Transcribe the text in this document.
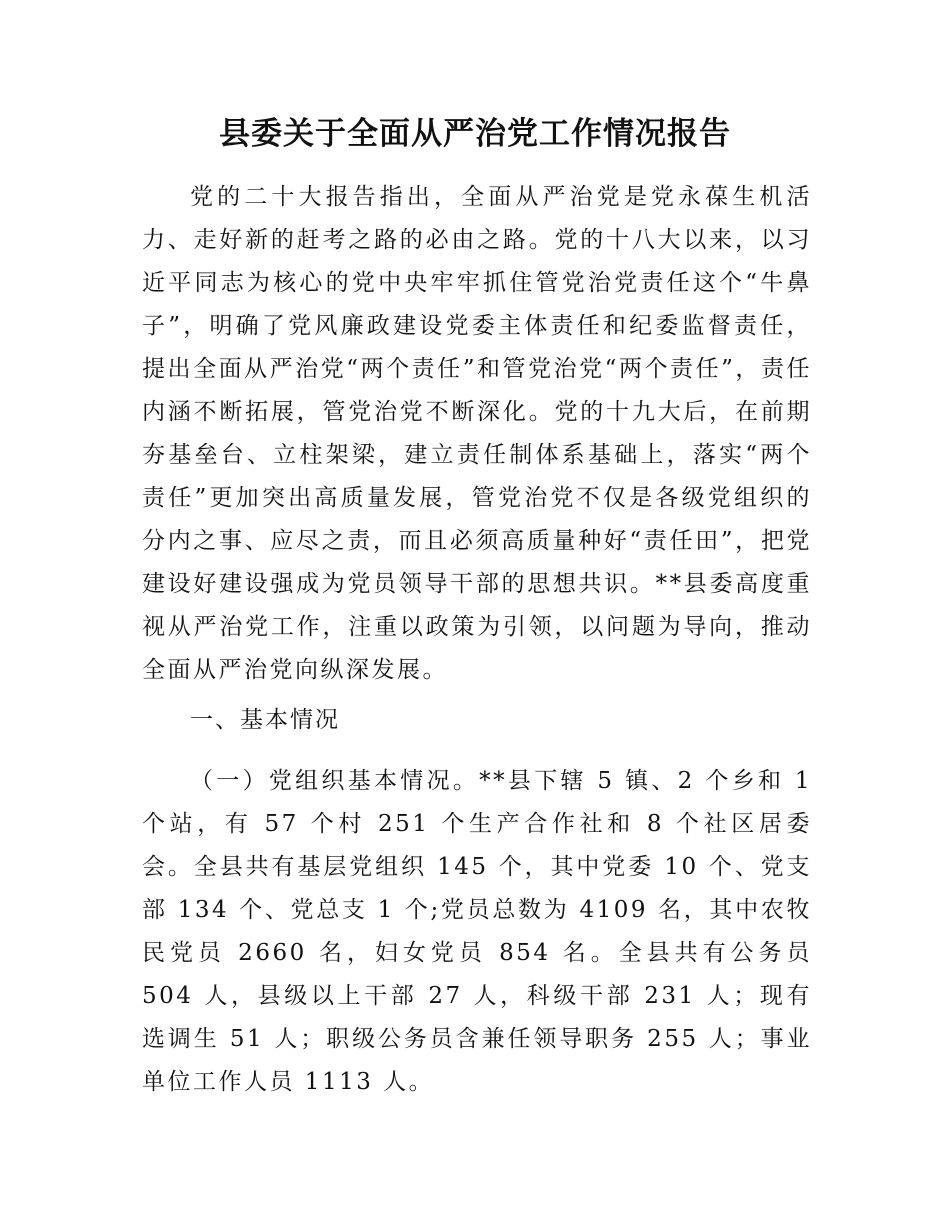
县委关于全面从严治党工作情况报告

党的二十大报告指出，全面从严治党是党永葆生机活力、走好新的赶考之路的必由之路。党的十八大以来，以习近平同志为核心的党中央牢牢抓住管党治党责任这个“牛鼻子”，明确了党风廉政建设党委主体责任和纪委监督责任，提出全面从严治党“两个责任”和管党治党“两个责任”，责任内涵不断拓展，管党治党不断深化。党的十九大后，在前期夯基垒台、立柱架梁，建立责任制体系基础上，落实“两个责任”更加突出高质量发展，管党治党不仅是各级党组织的分内之事、应尽之责，而且必须高质量种好“责任田”，把党建设好建设强成为党员领导干部的思想共识。**县委高度重视从严治党工作，注重以政策为引领，以问题为导向，推动全面从严治党向纵深发展。

一、基本情况

（一）党组织基本情况。**县下辖 5 镇、2 个乡和 1 个站，有 57 个村 251 个生产合作社和 8 个社区居委会。全县共有基层党组织 145 个，其中党委 10 个、党支部 134 个、党总支 1 个;党员总数为 4109 名，其中农牧民党员 2660 名，妇女党员 854 名。全县共有公务员 504 人，县级以上干部 27 人，科级干部 231 人；现有选调生 51 人；职级公务员含兼任领导职务 255 人；事业单位工作人员 1113 人。
